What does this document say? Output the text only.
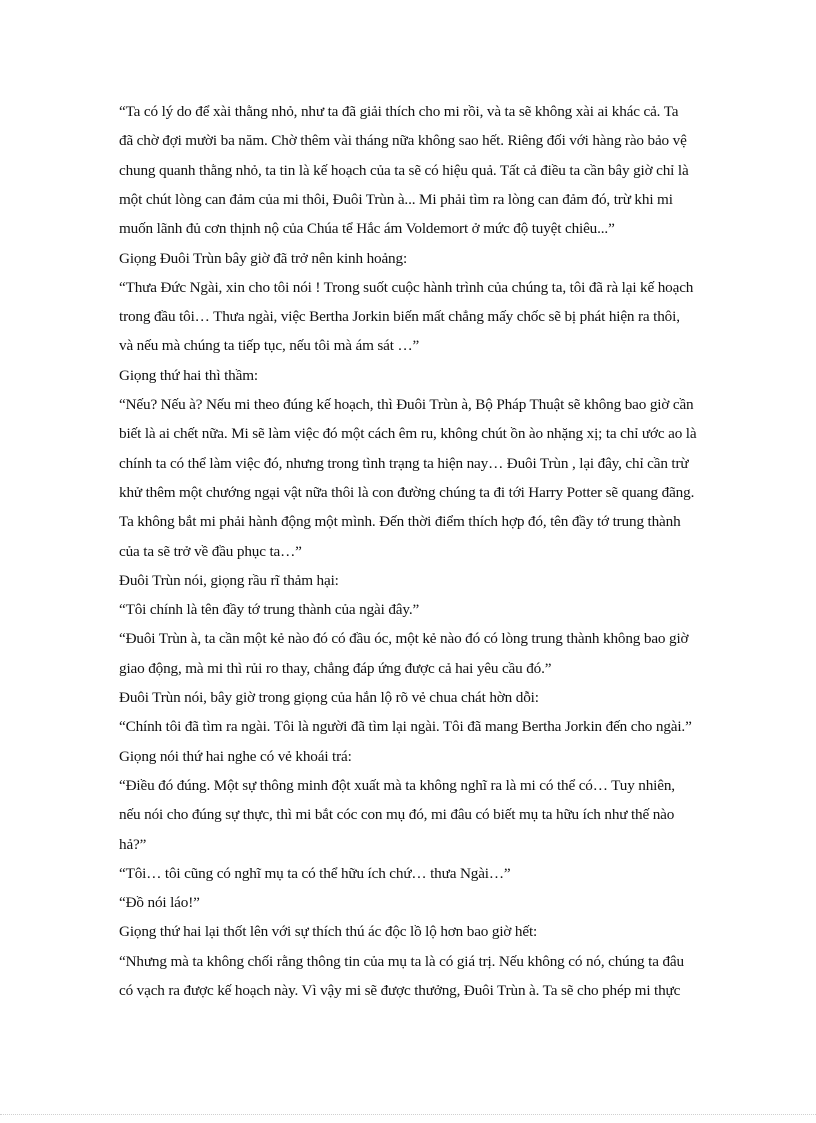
“Ta có lý do để xài thằng nhỏ, như ta đã giải thích cho mi rồi, và ta sẽ không xài ai khác cả. Ta
đã chờ đợi mười ba năm. Chờ thêm vài tháng nữa không sao hết. Riêng đối với hàng rào bảo vệ
chung quanh thằng nhỏ, ta tin là kế hoạch của ta sẽ có hiệu quả. Tất cả điều ta cần bây giờ chỉ là
một chút lòng can đảm của mi thôi, Đuôi Trùn à... Mi phải tìm ra lòng can đảm đó, trừ khi mi
muốn lãnh đủ cơn thịnh nộ của Chúa tể Hắc ám Voldemort ở mức độ tuyệt chiêu...”
Giọng Đuôi Trùn bây giờ đã trở nên kinh hoảng:
“Thưa Đức Ngài, xin cho tôi nói ! Trong suốt cuộc hành trình của chúng ta, tôi đã rà lại kế hoạch
trong đầu tôi… Thưa ngài, việc Bertha Jorkin biến mất chẳng mấy chốc sẽ bị phát hiện ra thôi,
và nếu mà chúng ta tiếp tục, nếu tôi mà ám sát …”
Giọng thứ hai thì thầm:
“Nếu? Nếu à? Nếu mi theo đúng kế hoạch, thì Đuôi Trùn à, Bộ Pháp Thuật sẽ không bao giờ cần
biết là ai chết nữa. Mi sẽ làm việc đó một cách êm ru, không chút ồn ào nhặng xị; ta chỉ ước ao là
chính ta có thể làm việc đó, nhưng trong tình trạng ta hiện nay… Đuôi Trùn , lại đây, chỉ cần trừ
khử thêm một chướng ngại vật nữa thôi là con đường chúng ta đi tới Harry Potter sẽ quang đãng.
Ta không bắt mi phải hành động một mình. Đến thời điểm thích hợp đó, tên đầy tớ trung thành
của ta sẽ trở về đầu phục ta…”
Đuôi Trùn nói, giọng rầu rĩ thảm hại:
“Tôi chính là tên đầy tớ trung thành của ngài đây.”
“Đuôi Trùn à, ta cần một kẻ nào đó có đầu óc, một kẻ nào đó có lòng trung thành không bao giờ
giao động, mà mi thì rủi ro thay, chẳng đáp ứng được cả hai yêu cầu đó.”
Đuôi Trùn nói, bây giờ trong giọng của hắn lộ rõ vẻ chua chát hờn dỗi:
“Chính tôi đã tìm ra ngài. Tôi là người đã tìm lại ngài. Tôi đã mang Bertha Jorkin đến cho ngài.”
Giọng nói thứ hai nghe có vẻ khoái trá:
“Điều đó đúng. Một sự thông minh đột xuất mà ta không nghĩ ra là mi có thể có… Tuy nhiên,
nếu nói cho đúng sự thực, thì mi bắt cóc con mụ đó, mi đâu có biết mụ ta hữu ích như thế nào
hả?”
“Tôi… tôi cũng có nghĩ mụ ta có thể hữu ích chứ… thưa Ngài…”
“Đồ nói láo!”
Giọng thứ hai lại thốt lên với sự thích thú ác độc lồ lộ hơn bao giờ hết:
“Nhưng mà ta không chối rằng thông tin của mụ ta là có giá trị. Nếu không có nó, chúng ta đâu
có vạch ra được kế hoạch này. Vì vậy mi sẽ được thưởng, Đuôi Trùn à. Ta sẽ cho phép mi thực
